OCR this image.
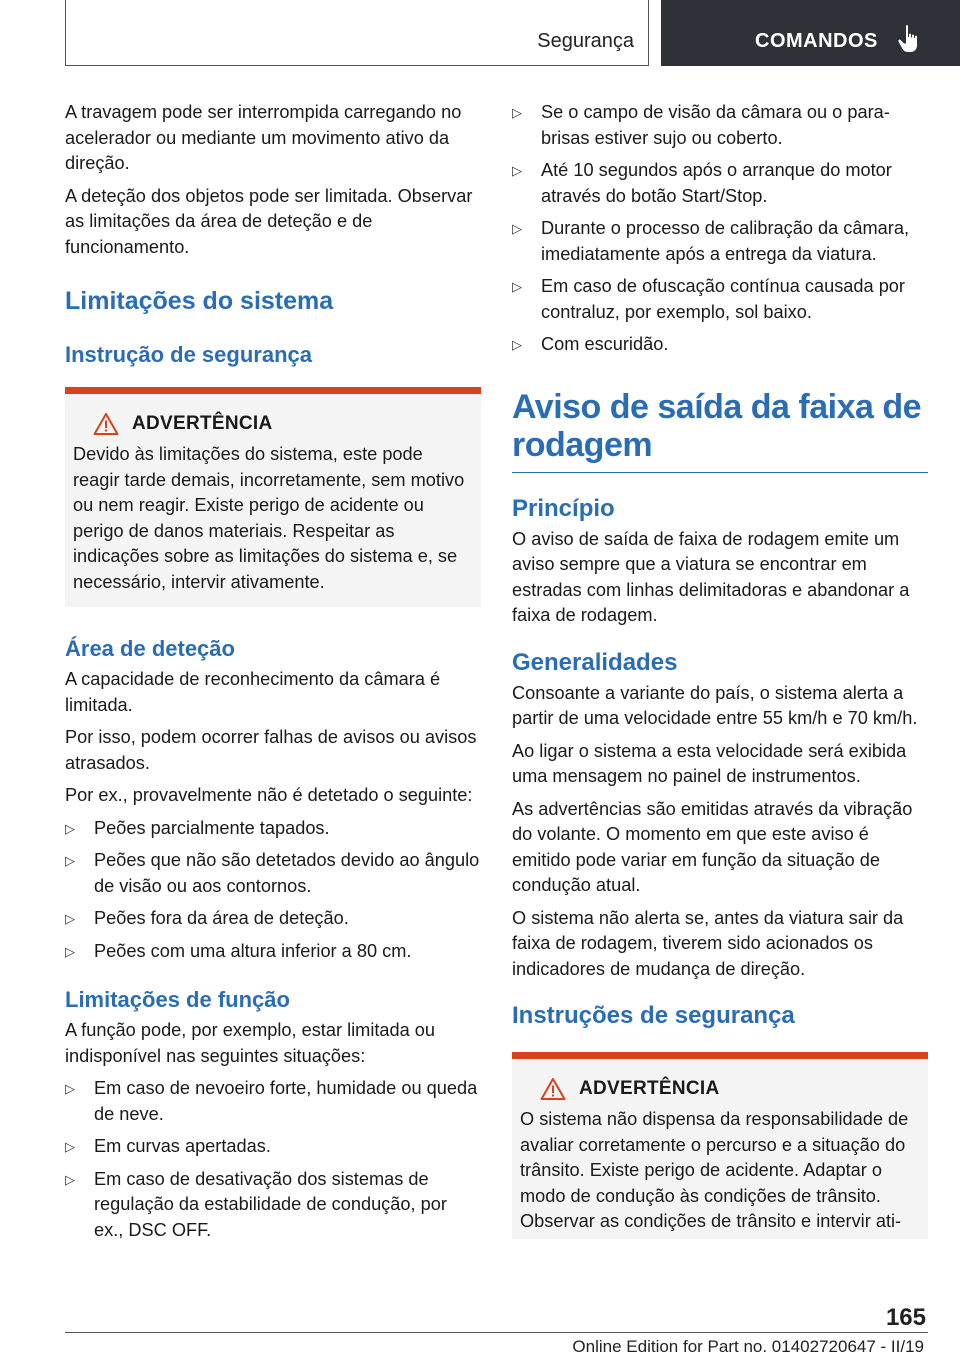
Segurança	COMANDOS

A travagem pode ser interrompida carregando no acelerador ou mediante um movimento ativo da direção.

A deteção dos objetos pode ser limitada. Observar as limitações da área de deteção e de funcionamento.

Limitações do sistema
Instrução de segurança
ADVERTÊNCIA

Devido às limitações do sistema, este pode reagir tarde demais, incorretamente, sem motivo ou nem reagir. Existe perigo de acidente ou perigo de danos materiais. Respeitar as indicações sobre as limitações do sistema e, se necessário, intervir ativamente.

Área de deteção

A capacidade de reconhecimento da câmara é limitada.

Por isso, podem ocorrer falhas de avisos ou avisos atrasados.

Por ex., provavelmente não é detetado o seguinte:

▷ Peões parcialmente tapados.
▷ Peões que não são detetados devido ao ângulo de visão ou aos contornos.
▷ Peões fora da área de deteção.
▷ Peões com uma altura inferior a 80 cm.
Limitações de função

A função pode, por exemplo, estar limitada ou indisponível nas seguintes situações:

▷ Em caso de nevoeiro forte, humidade ou queda de neve.
▷ Em curvas apertadas.
▷ Em caso de desativação dos sistemas de regulação da estabilidade de condução, por ex., DSC OFF.
▷ Se o campo de visão da câmara ou o para-brisas estiver sujo ou coberto.
▷ Até 10 segundos após o arranque do motor através do botão Start/Stop.
▷ Durante o processo de calibração da câmara, imediatamente após a entrega da viatura.
▷ Em caso de ofuscação contínua causada por contraluz, por exemplo, sol baixo.
▷ Com escuridão.
Aviso de saída da faixa de rodagem
Princípio

O aviso de saída de faixa de rodagem emite um aviso sempre que a viatura se encontrar em estradas com linhas delimitadoras e abandonar a faixa de rodagem.

Generalidades

Consoante a variante do país, o sistema alerta a partir de uma velocidade entre 55 km/h e 70 km/h.

Ao ligar o sistema a esta velocidade será exibida uma mensagem no painel de instrumentos.

As advertências são emitidas através da vibração do volante. O momento em que este aviso é emitido pode variar em função da situação de condução atual.

O sistema não alerta se, antes da viatura sair da faixa de rodagem, tiverem sido acionados os indicadores de mudança de direção.

Instruções de segurança
ADVERTÊNCIA

O sistema não dispensa da responsabilidade de avaliar corretamente o percurso e a situação do trânsito. Existe perigo de acidente. Adaptar o modo de condução às condições de trânsito. Observar as condições de trânsito e intervir ati-

165
Online Edition for Part no. 01402720647 - II/19
